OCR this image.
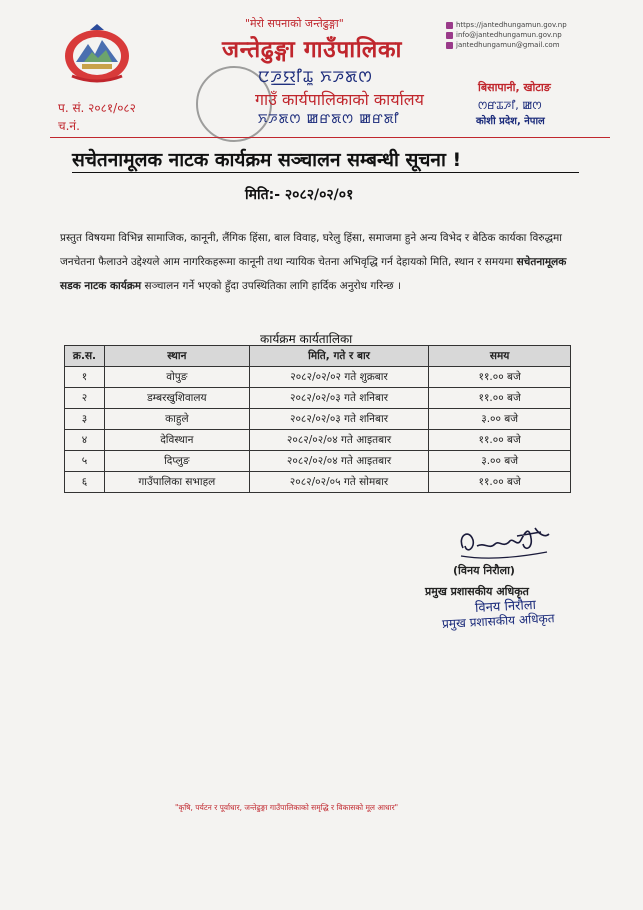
"मेरो सपनाको जन्तेढुङ्गा"
जन्तेढुङ्गा गाउँपालिका
ꯅꯍ꯭ꯌꯤꯊꯨ ꯈꯍꯗꯁ
गाउँ कार्यपालिकाको कार्यालय
ꯈꯍꯗꯁ ꯀꯔꯗꯁ ꯀꯔꯗꯤ
https://jantedhungamun.gov.np
info@jantedhungamun.gov.np
jantedhungamun@gmail.com
बिसापानी, खोटाङ
ꯁꯔꯊꯍꯤ, ꯀꯁ
कोशी प्रदेश, नेपाल
प. सं. २०८१/०८२
च.नं.
सचेतनामूलक नाटक कार्यक्रम सञ्चालन सम्बन्धी सूचना !
मिति:- २०८२/०२/०१
प्रस्तुत विषयमा विभिन्न सामाजिक, कानूनी, लैंगिक हिंसा, बाल विवाह, घरेलु हिंसा, समाजमा हुने अन्य विभेद र बेठिक कार्यका विरुद्धमा जनचेतना फैलाउने उद्देश्यले आम नागरिकहरूमा कानूनी तथा न्यायिक चेतना अभिवृद्धि गर्न देहायको मिति, स्थान र समयमा सचेतनामूलक सडक नाटक कार्यक्रम सञ्चालन गर्ने भएको हुँदा उपस्थितिका लागि हार्दिक अनुरोध गरिन्छ ।
कार्यक्रम कार्यतालिका
क्र.स.	स्थान	मिति, गते र बार	समय
१	वोपुङ	२०८२/०२/०२ गते शुक्रबार	११.०० बजे
२	डम्बरखुशिवालय	२०८२/०२/०३ गते शनिबार	११.०० बजे
३	काहुले	२०८२/०२/०३ गते शनिबार	३.०० बजे
४	देविस्थान	२०८२/०२/०४ गते आइतबार	११.०० बजे
५	दिप्लुङ	२०८२/०२/०४ गते आइतबार	३.०० बजे
६	गाउँपालिका सभाहल	२०८२/०२/०५ गते सोमबार	११.०० बजे
(विनय निरौला)
प्रमुख प्रशासकीय अधिकृत
विनय निरौला
प्रमुख प्रशासकीय अधिकृत
"कृषि, पर्यटन र पूर्वाधार, जन्तेढुङ्गा गाउँपालिकाको समृद्धि र विकासको मूल आधार"
